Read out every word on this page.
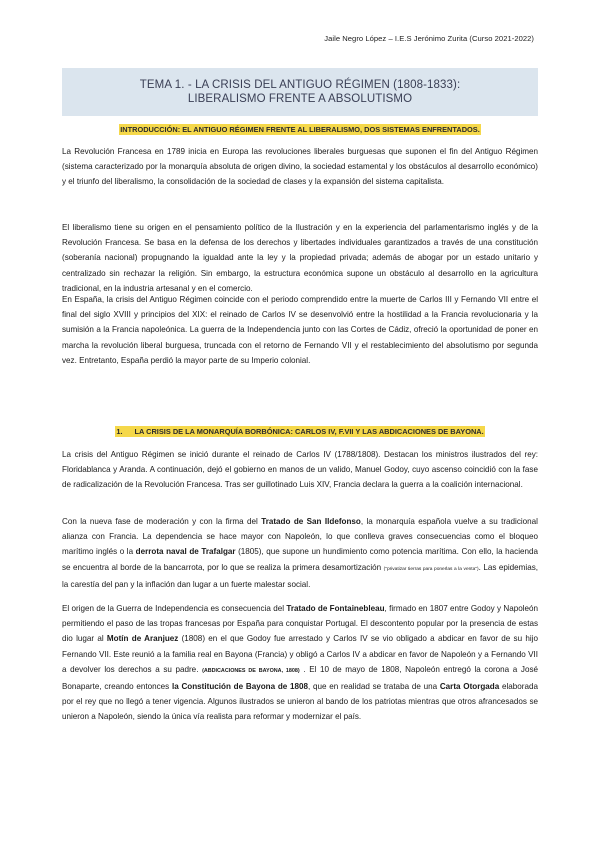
Jaile Negro López – I.E.S Jerónimo Zurita (Curso 2021-2022)
TEMA 1. - LA CRISIS DEL ANTIGUO RÉGIMEN (1808-1833):
LIBERALISMO FRENTE A ABSOLUTISMO
INTRODUCCIÓN: EL ANTIGUO RÉGIMEN FRENTE AL LIBERALISMO, DOS SISTEMAS ENFRENTADOS.

La Revolución Francesa en 1789 inicia en Europa las revoluciones liberales burguesas que suponen el fin del Antiguo Régimen (sistema caracterizado por la monarquía absoluta de origen divino, la sociedad estamental y los obstáculos al desarrollo económico) y el triunfo del liberalismo, la consolidación de la sociedad de clases y la expansión del sistema capitalista.

El liberalismo tiene su origen en el pensamiento político de la Ilustración y en la experiencia del parlamentarismo inglés y de la Revolución Francesa. Se basa en la defensa de los derechos y libertades individuales garantizados a través de una constitución (soberanía nacional) propugnando la igualdad ante la ley y la propiedad privada; además de abogar por un estado unitario y centralizado sin rechazar la religión. Sin embargo, la estructura económica supone un obstáculo al desarrollo en la agricultura tradicional, en la industria artesanal y en el comercio.

En España, la crisis del Antiguo Régimen coincide con el periodo comprendido entre la muerte de Carlos III y Fernando VII entre el final del siglo XVIII y principios del XIX: el reinado de Carlos IV se desenvolvió entre la hostilidad a la Francia revolucionaria y la sumisión a la Francia napoleónica. La guerra de la Independencia junto con las Cortes de Cádiz, ofreció la oportunidad de poner en marcha la revolución liberal burguesa, truncada con el retorno de Fernando VII y el restablecimiento del absolutismo por segunda vez. Entretanto, España perdió la mayor parte de su Imperio colonial.

1. LA CRISIS DE LA MONARQUÍA BORBÓNICA: CARLOS IV, F.VII Y LAS ABDICACIONES DE BAYONA.

La crisis del Antiguo Régimen se inició durante el reinado de Carlos IV (1788/1808). Destacan los ministros ilustrados del rey: Floridablanca y Aranda. A continuación, dejó el gobierno en manos de un valido, Manuel Godoy, cuyo ascenso coincidió con la fase de radicalización de la Revolución Francesa. Tras ser guillotinado Luis XIV, Francia declara la guerra a la coalición internacional.

Con la nueva fase de moderación y con la firma del Tratado de San Ildefonso, la monarquía española vuelve a su tradicional alianza con Francia. La dependencia se hace mayor con Napoleón, lo que conlleva graves consecuencias como el bloqueo marítimo inglés o la derrota naval de Trafalgar (1805), que supone un hundimiento como potencia marítima. Con ello, la hacienda se encuentra al borde de la bancarrota, por lo que se realiza la primera desamortización ("privatizar tierras para ponerlas a la venta"). Las epidemias, la carestía del pan y la inflación dan lugar a un fuerte malestar social.

El origen de la Guerra de Independencia es consecuencia del Tratado de Fontainebleau, firmado en 1807 entre Godoy y Napoleón permitiendo el paso de las tropas francesas por España para conquistar Portugal. El descontento popular por la presencia de estas dio lugar al Motín de Aranjuez (1808) en el que Godoy fue arrestado y Carlos IV se vio obligado a abdicar en favor de su hijo Fernando VII. Este reunió a la familia real en Bayona (Francia) y obligó a Carlos IV a abdicar en favor de Napoleón y a Fernando VII a devolver los derechos a su padre. (ABDICACIONES DE BAYONA, 1808) . El 10 de mayo de 1808, Napoleón entregó la corona a José Bonaparte, creando entonces la Constitución de Bayona de 1808, que en realidad se trataba de una Carta Otorgada elaborada por el rey que no llegó a tener vigencia. Algunos ilustrados se unieron al bando de los patriotas mientras que otros afrancesados se unieron a Napoleón, siendo la única vía realista para reformar y modernizar el país.
